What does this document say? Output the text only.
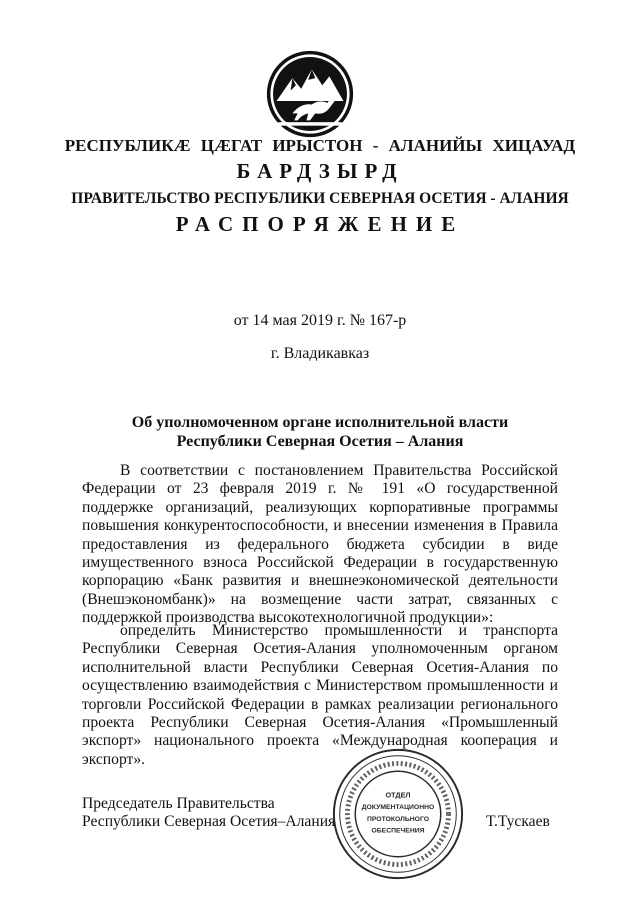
РЕСПУБЛИКÆ ЦÆГАТ ИРЫСТОН - АЛАНИЙЫ ХИЦАУАД
БАРДЗЫРД
ПРАВИТЕЛЬСТВО РЕСПУБЛИКИ СЕВЕРНАЯ ОСЕТИЯ - АЛАНИЯ
РАСПОРЯЖЕНИЕ
от 14 мая 2019 г. № 167-р
г. Владикавказ
Об уполномоченном органе исполнительной власти
Республики Северная Осетия – Алания

В соответствии с постановлением Правительства Российской Федерации от 23 февраля 2019 г. № 191 «О государственной поддержке организаций, реализующих корпоративные программы повышения конкурентоспособности, и внесении изменения в Правила предоставления из федерального бюджета субсидии в виде имущественного взноса Российской Федерации в государственную корпорацию «Банк развития и внешнеэкономической деятельности (Внешэкономбанк)» на возмещение части затрат, связанных с поддержкой производства высокотехнологичной продукции»:

определить Министерство промышленности и транспорта Республики Северная Осетия-Алания уполномоченным органом исполнительной власти Республики Северная Осетия-Алания по осуществлению взаимодействия с Министерством промышленности и торговли Российской Федерации в рамках реализации регионального проекта Республики Северная Осетия-Алания «Промышленный экспорт» национального проекта «Международная кооперация и экспорт».

Председатель Правительства
Республики Северная Осетия–Алания
ОТДЕЛ
ДОКУМЕНТАЦИОННО
ПРОТОКОЛЬНОГО
ОБЕСПЕЧЕНИЯ
Т.Тускаев
